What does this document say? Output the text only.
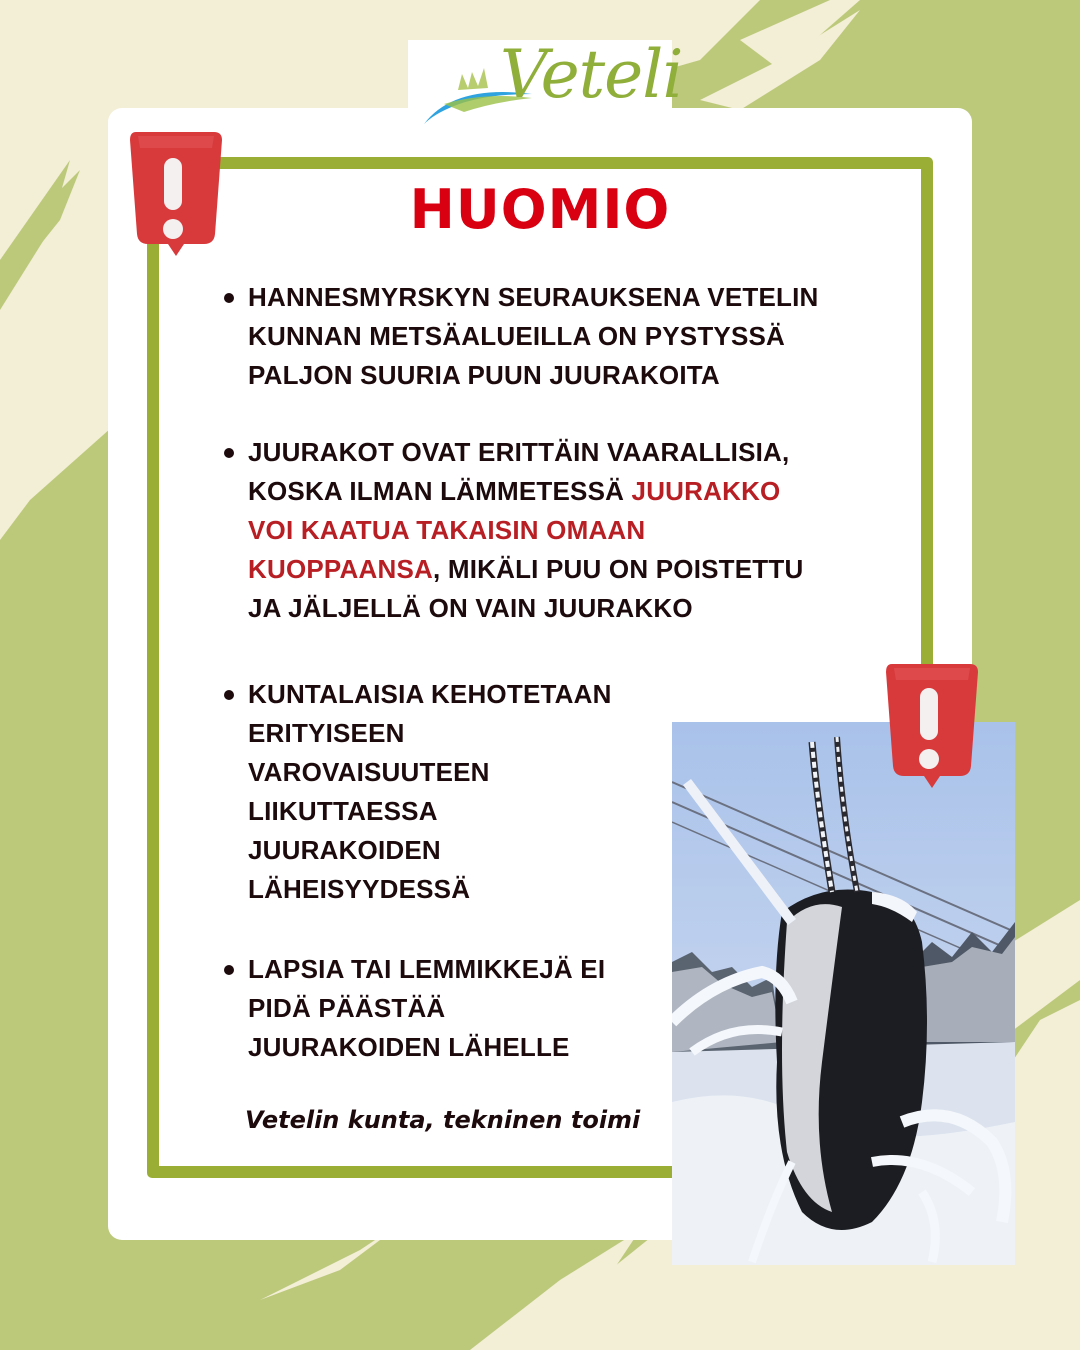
Veteli
HUOMIO
HANNESMYRSKYN SEURAUKSENA VETELIN
KUNNAN METSÄALUEILLA ON PYSTYSSÄ
PALJON SUURIA PUUN JUURAKOITA
JUURAKOT OVAT ERITTÄIN VAARALLISIA,
KOSKA ILMAN LÄMMETESSÄ JUURAKKO
VOI KAATUA TAKAISIN OMAAN
KUOPPAANSA, MIKÄLI PUU ON POISTETTU
JA JÄLJELLÄ ON VAIN JUURAKKO
KUNTALAISIA KEHOTETAAN
ERITYISEEN
VAROVAISUUTEEN
LIIKUTTAESSA
JUURAKOIDEN
LÄHEISYYDESSÄ
LAPSIA TAI LEMMIKKEJÄ EI
PIDÄ PÄÄSTÄÄ
JUURAKOIDEN LÄHELLE
Vetelin kunta, tekninen toimi
